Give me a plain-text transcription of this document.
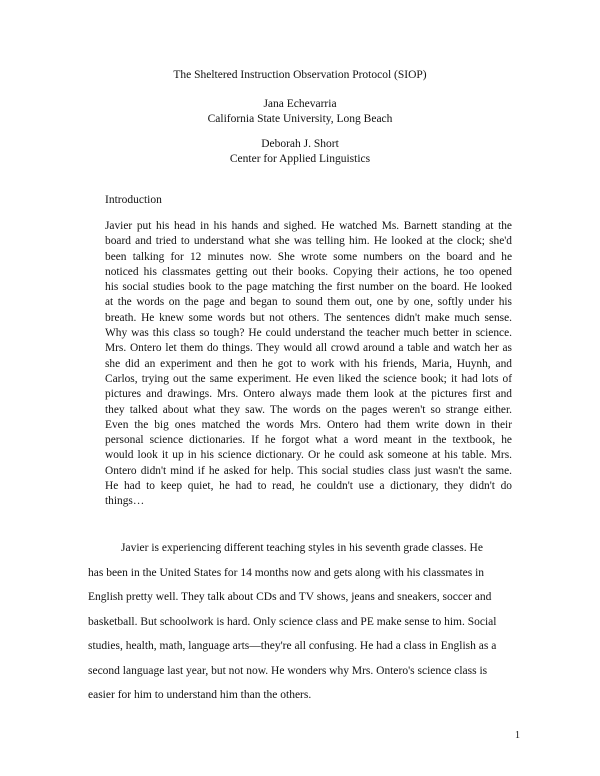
The Sheltered Instruction Observation Protocol (SIOP)
Jana Echevarria
California State University, Long Beach
Deborah J. Short
Center for Applied Linguistics
Introduction
Javier put his head in his hands and sighed. He watched Ms. Barnett standing at the
board and tried to understand what she was telling him. He looked at the clock; she'd
been talking for 12 minutes now. She wrote some numbers on the board and he
noticed his classmates getting out their books. Copying their actions, he too opened
his social studies book to the page matching the first number on the board. He looked
at the words on the page and began to sound them out, one by one, softly under his
breath. He knew some words but not others. The sentences didn't make much sense.
Why was this class so tough? He could understand the teacher much better in science.
Mrs. Ontero let them do things. They would all crowd around a table and watch her as
she did an experiment and then he got to work with his friends, Maria, Huynh, and
Carlos, trying out the same experiment. He even liked the science book; it had lots of
pictures and drawings. Mrs. Ontero always made them look at the pictures first and
they talked about what they saw. The words on the pages weren't so strange either.
Even the big ones matched the words Mrs. Ontero had them write down in their
personal science dictionaries. If he forgot what a word meant in the textbook, he
would look it up in his science dictionary. Or he could ask someone at his table. Mrs.
Ontero didn't mind if he asked for help. This social studies class just wasn't the same.
He had to keep quiet, he had to read, he couldn't use a dictionary, they didn't do
things…
Javier is experiencing different teaching styles in his seventh grade classes. He
has been in the United States for 14 months now and gets along with his classmates in
English pretty well. They talk about CDs and TV shows, jeans and sneakers, soccer and
basketball. But schoolwork is hard. Only science class and PE make sense to him. Social
studies, health, math, language arts—they're all confusing. He had a class in English as a
second language last year, but not now. He wonders why Mrs. Ontero's science class is
easier for him to understand him than the others.
1
